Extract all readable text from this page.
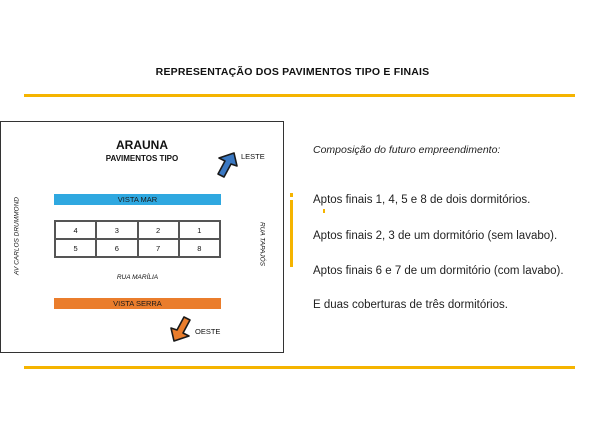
REPRESENTAÇÃO DOS PAVIMENTOS TIPO E FINAIS
ARAUNA
PAVIMENTOS TIPO
VISTA MAR
4	3	2	1
5	6	7	8
RUA MARÍLIA
AV CARLOS DRUMMOND	RUA TAPAJÓS
VISTA SERRA
LESTE
OESTE
Composição do futuro empreendimento:
Aptos finais 1, 4, 5 e 8 de dois dormitórios.
Aptos finais 2, 3 de um dormitório (sem lavabo).
Aptos finais 6 e 7 de um dormitório (com lavabo).
E duas coberturas de três dormitórios.
